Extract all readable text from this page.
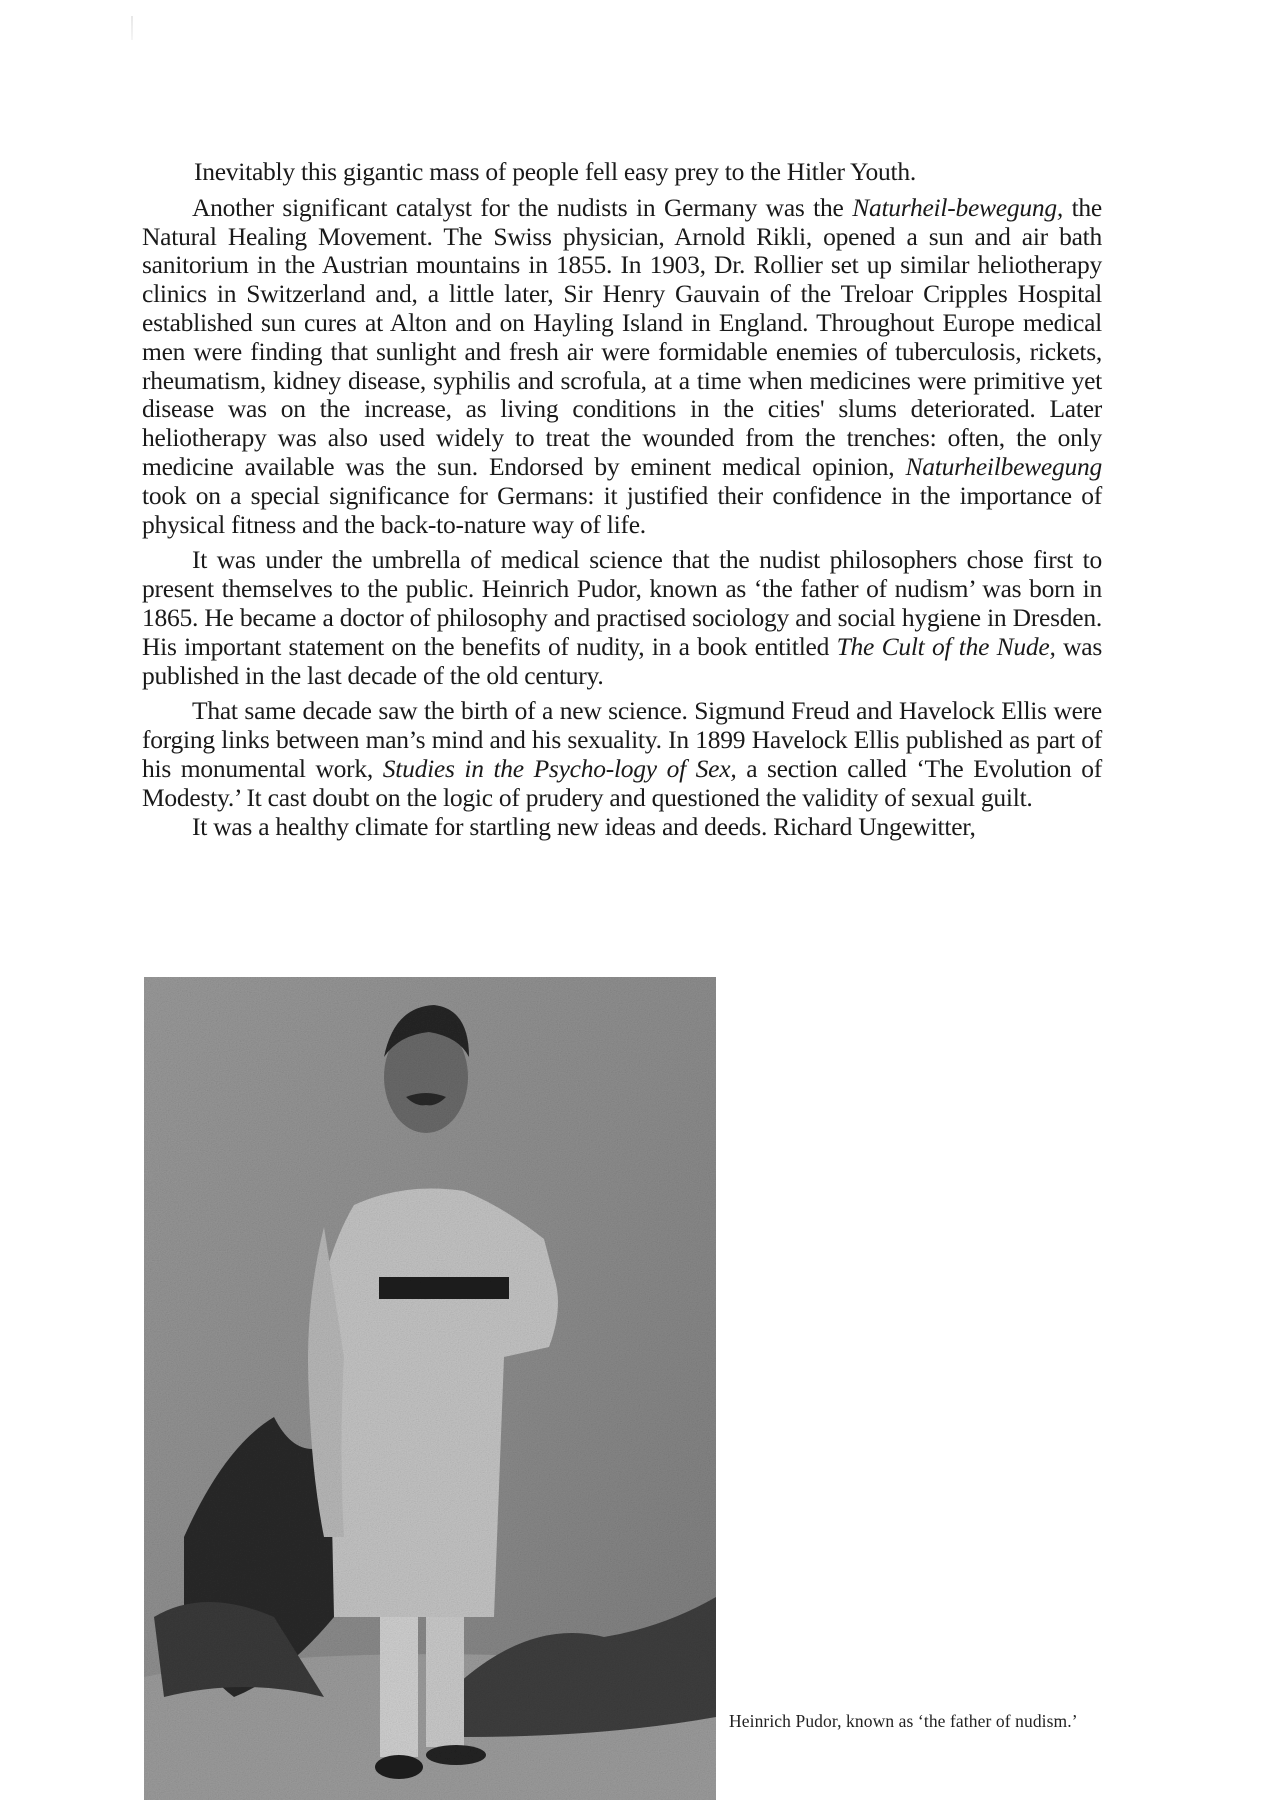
Inevitably this gigantic mass of people fell easy prey to the Hitler Youth.

Another significant catalyst for the nudists in Germany was the Naturheil-bewegung, the Natural Healing Movement. The Swiss physician, Arnold Rikli, opened a sun and air bath sanitorium in the Austrian mountains in 1855. In 1903, Dr. Rollier set up similar heliotherapy clinics in Switzerland and, a little later, Sir Henry Gauvain of the Treloar Cripples Hospital established sun cures at Alton and on Hayling Island in England. Throughout Europe medical men were finding that sunlight and fresh air were formidable enemies of tuberculosis, rickets, rheumatism, kidney disease, syphilis and scrofula, at a time when medicines were primitive yet disease was on the increase, as living conditions in the cities' slums deteriorated. Later heliotherapy was also used widely to treat the wounded from the trenches: often, the only medicine available was the sun. Endorsed by eminent medical opinion, Naturheilbewegung took on a special significance for Germans: it justified their confidence in the importance of physical fitness and the back-to-nature way of life.

It was under the umbrella of medical science that the nudist philosophers chose first to present themselves to the public. Heinrich Pudor, known as ‘the father of nudism’ was born in 1865. He became a doctor of philosophy and practised sociology and social hygiene in Dresden. His important statement on the benefits of nudity, in a book entitled The Cult of the Nude, was published in the last decade of the old century.

That same decade saw the birth of a new science. Sigmund Freud and Havelock Ellis were forging links between man’s mind and his sexuality. In 1899 Havelock Ellis published as part of his monumental work, Studies in the Psycho-logy of Sex, a section called ‘The Evolution of Modesty.’ It cast doubt on the logic of prudery and questioned the validity of sexual guilt.

It was a healthy climate for startling new ideas and deeds. Richard Ungewitter,

Heinrich Pudor, known as ‘the father of nudism.’
